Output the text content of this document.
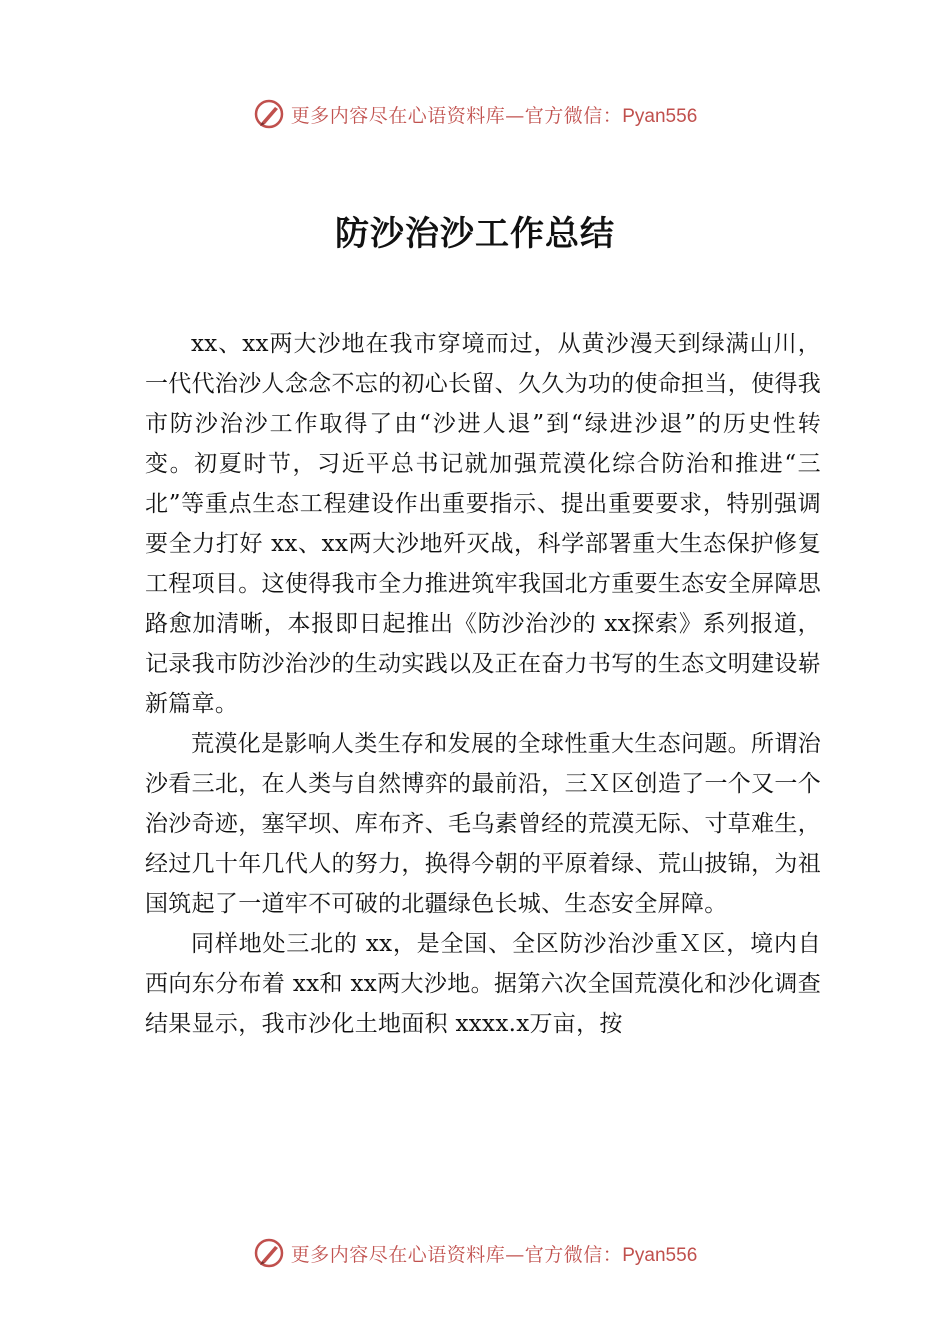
更多内容尽在心语资料库—官方微信：Pyan556
防沙治沙工作总结

xx、xx两大沙地在我市穿境而过，从黄沙漫天到绿满山川，一代代治沙人念念不忘的初心长留、久久为功的使命担当，使得我市防沙治沙工作取得了由“沙进人退”到“绿进沙退”的历史性转变。初夏时节，习近平总书记就加强荒漠化综合防治和推进“三北”等重点生态工程建设作出重要指示、提出重要要求，特别强调要全力打好 xx、xx两大沙地歼灭战，科学部署重大生态保护修复工程项目。这使得我市全力推进筑牢我国北方重要生态安全屏障思路愈加清晰，本报即日起推出《防沙治沙的 xx探索》系列报道，记录我市防沙治沙的生动实践以及正在奋力书写的生态文明建设崭新篇章。

荒漠化是影响人类生存和发展的全球性重大生态问题。所谓治沙看三北，在人类与自然博弈的最前沿，三Ｘ区创造了一个又一个治沙奇迹，塞罕坝、库布齐、毛乌素曾经的荒漠无际、寸草难生，经过几十年几代人的努力，换得今朝的平原着绿、荒山披锦，为祖国筑起了一道牢不可破的北疆绿色长城、生态安全屏障。

同样地处三北的 xx，是全国、全区防沙治沙重Ｘ区，境内自西向东分布着 xx和 xx两大沙地。据第六次全国荒漠化和沙化调查结果显示，我市沙化土地面积 xxxx.x万亩，按

更多内容尽在心语资料库—官方微信：Pyan556
